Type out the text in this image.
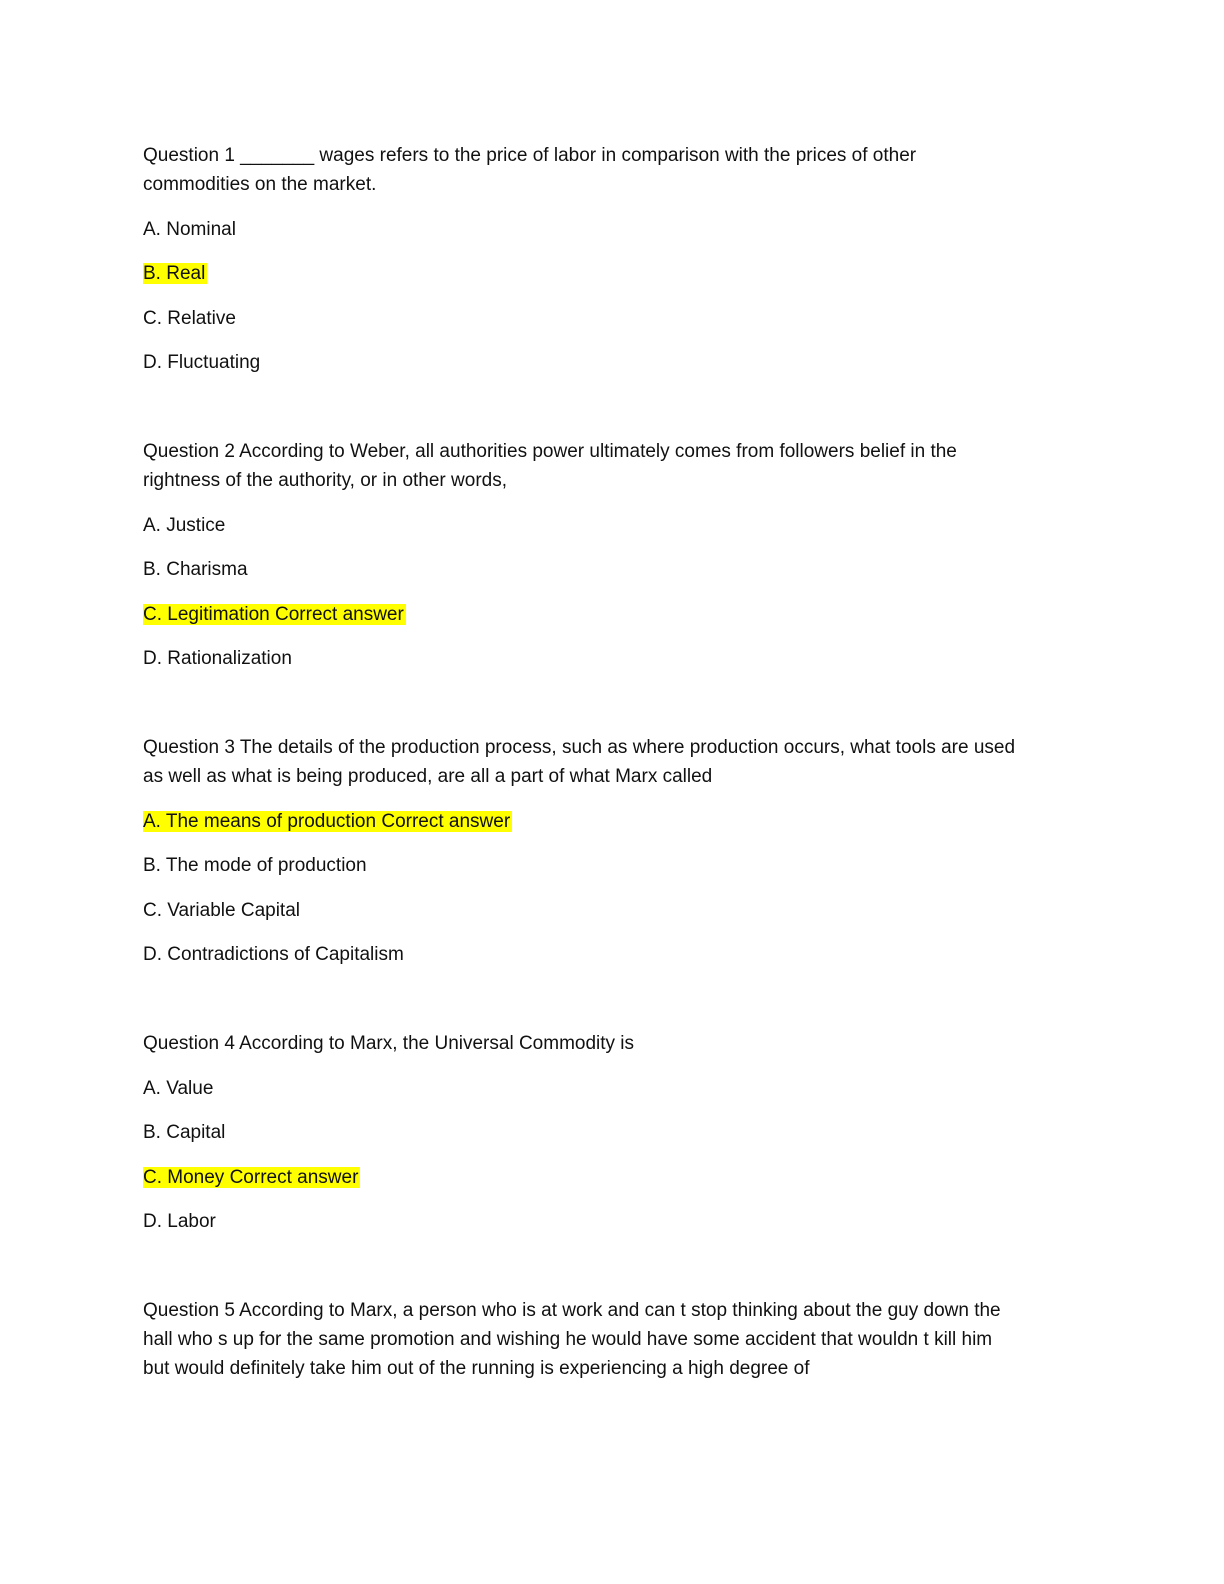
Question 1 _______ wages refers to the price of labor in comparison with the prices of other
commodities on the market.
A. Nominal
B. Real
C. Relative
D. Fluctuating
Question 2 According to Weber, all authorities power ultimately comes from followers belief in the
rightness of the authority, or in other words,
A. Justice
B. Charisma
C. Legitimation Correct answer
D. Rationalization
Question 3 The details of the production process, such as where production occurs, what tools are used
as well as what is being produced, are all a part of what Marx called
A. The means of production Correct answer
B. The mode of production
C. Variable Capital
D. Contradictions of Capitalism
Question 4 According to Marx, the Universal Commodity is
A. Value
B. Capital
C. Money Correct answer
D. Labor
Question 5 According to Marx, a person who is at work and can t stop thinking about the guy down the
hall who s up for the same promotion and wishing he would have some accident that wouldn t kill him
but would definitely take him out of the running is experiencing a high degree of
